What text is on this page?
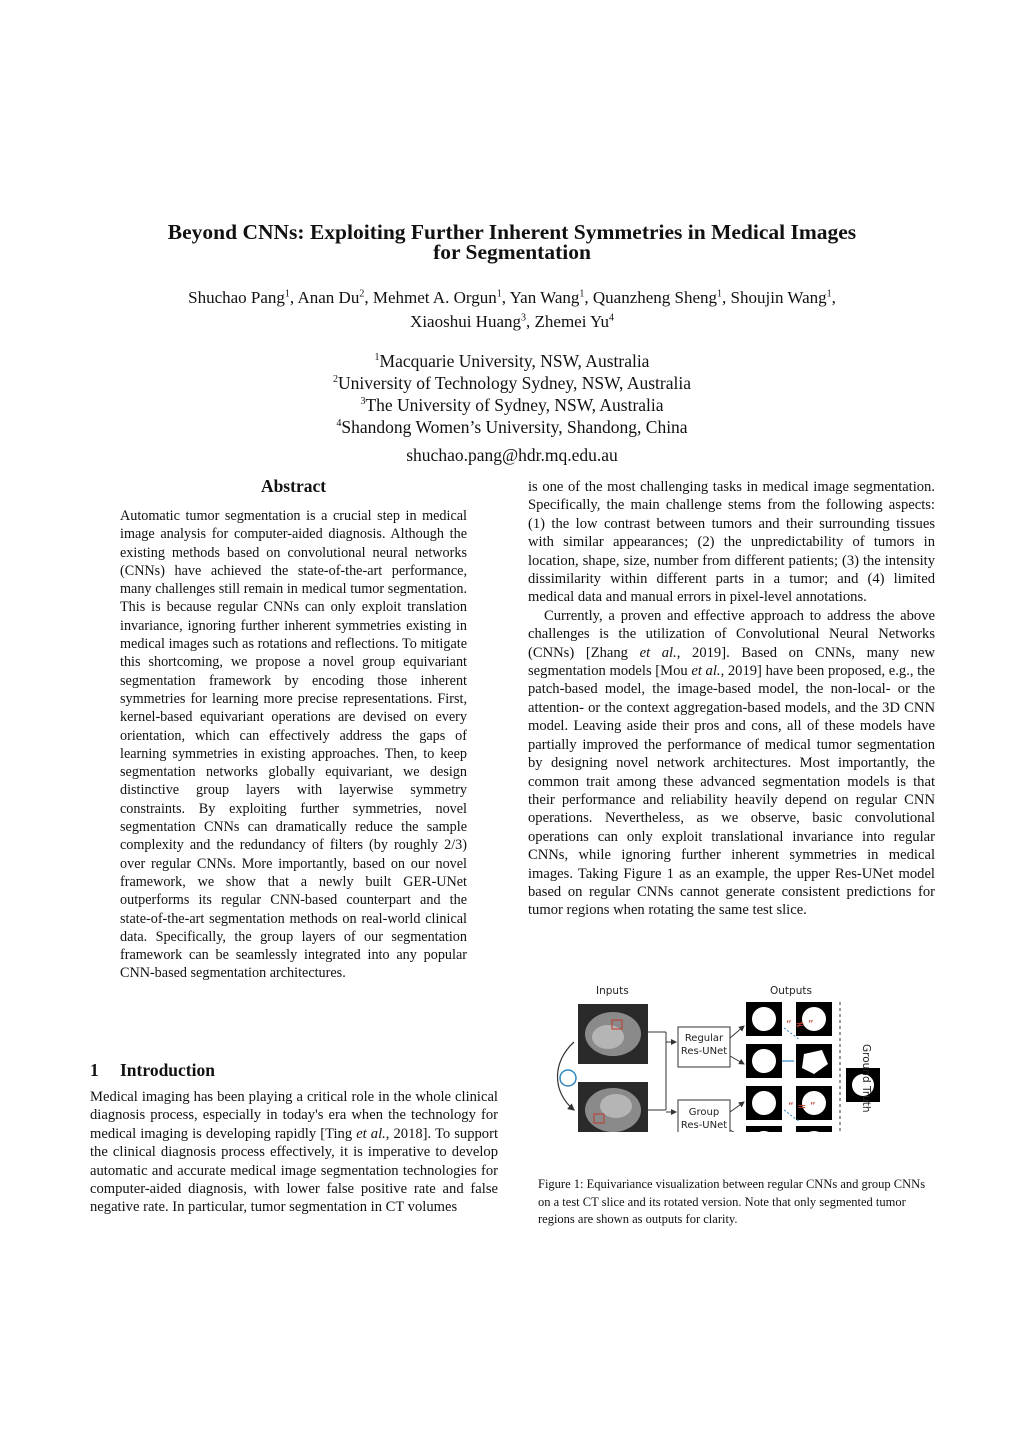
Beyond CNNs: Exploiting Further Inherent Symmetries in Medical Images
for Segmentation
Shuchao Pang$^1$, Anan Du$^2$, Mehmet A. Orgun$^1$, Yan Wang$^1$, Quanzheng Sheng$^1$, Shoujin Wang$^1$,
Xiaoshui Huang$^3$, Zhemei Yu$^4$
$^1$Macquarie University, NSW, Australia
$^2$University of Technology Sydney, NSW, Australia
$^3$The University of Sydney, NSW, Australia
$^4$Shandong Women’s University, Shandong, China
shuchao.pang@hdr.mq.edu.au
Abstract

Automatic tumor segmentation is a crucial step in medical image analysis for computer-aided diagnosis. Although the existing methods based on convolutional neural networks (CNNs) have achieved the state-of-the-art performance, many challenges still remain in medical tumor segmentation. This is because regular CNNs can only exploit translation invariance, ignoring further inherent symmetries existing in medical images such as rotations and reflections. To mitigate this shortcoming, we propose a novel group equivariant segmentation framework by encoding those inherent symmetries for learning more precise representations. First, kernel-based equivariant operations are devised on every orientation, which can effectively address the gaps of learning symmetries in existing approaches. Then, to keep segmentation networks globally equivariant, we design distinctive group layers with layerwise symmetry constraints. By exploiting further symmetries, novel segmentation CNNs can dramatically reduce the sample complexity and the redundancy of filters (by roughly 2/3) over regular CNNs. More importantly, based on our novel framework, we show that a newly built GER-UNet outperforms its regular CNN-based counterpart and the state-of-the-art segmentation methods on real-world clinical data. Specifically, the group layers of our segmentation framework can be seamlessly integrated into any popular CNN-based segmentation architectures.

1 Introduction

Medical imaging has been playing a critical role in the whole clinical diagnosis process, especially in today's era when the technology for medical imaging is developing rapidly [Ting et al., 2018]. To support the clinical diagnosis process effectively, it is imperative to develop automatic and accurate medical image segmentation technologies for computer-aided diagnosis, with lower false positive rate and false negative rate. In particular, tumor segmentation in CT volumes

is one of the most challenging tasks in medical image segmentation. Specifically, the main challenge stems from the following aspects: (1) the low contrast between tumors and their surrounding tissues with similar appearances; (2) the unpredictability of tumors in location, shape, size, number from different patients; (3) the intensity dissimilarity within different parts in a tumor; and (4) limited medical data and manual errors in pixel-level annotations.

Currently, a proven and effective approach to address the above challenges is the utilization of Convolutional Neural Networks (CNNs) [Zhang et al., 2019]. Based on CNNs, many new segmentation models [Mou et al., 2019] have been proposed, e.g., the patch-based model, the image-based model, the non-local- or the attention- or the context aggregation-based models, and the 3D CNN model. Leaving aside their pros and cons, all of these models have partially improved the performance of medical tumor segmentation by designing novel network architectures. Most importantly, the common trait among these advanced segmentation models is that their performance and reliability heavily depend on regular CNN operations. Nevertheless, as we observe, basic convolutional operations can only exploit translational invariance into regular CNNs, while ignoring further inherent symmetries in medical images. Taking Figure 1 as an example, the upper Res-UNet model based on regular CNNs cannot generate consistent predictions for tumor regions when rotating the same test slice.

Inputs	Outputs
Regular
Res-UNet
Group
Res-UNet
“ ≠ ”
“ = ”	Ground Truth

Figure 1: Equivariance visualization between regular CNNs and group CNNs on a test CT slice and its rotated version. Note that only segmented tumor regions are shown as outputs for clarity.
